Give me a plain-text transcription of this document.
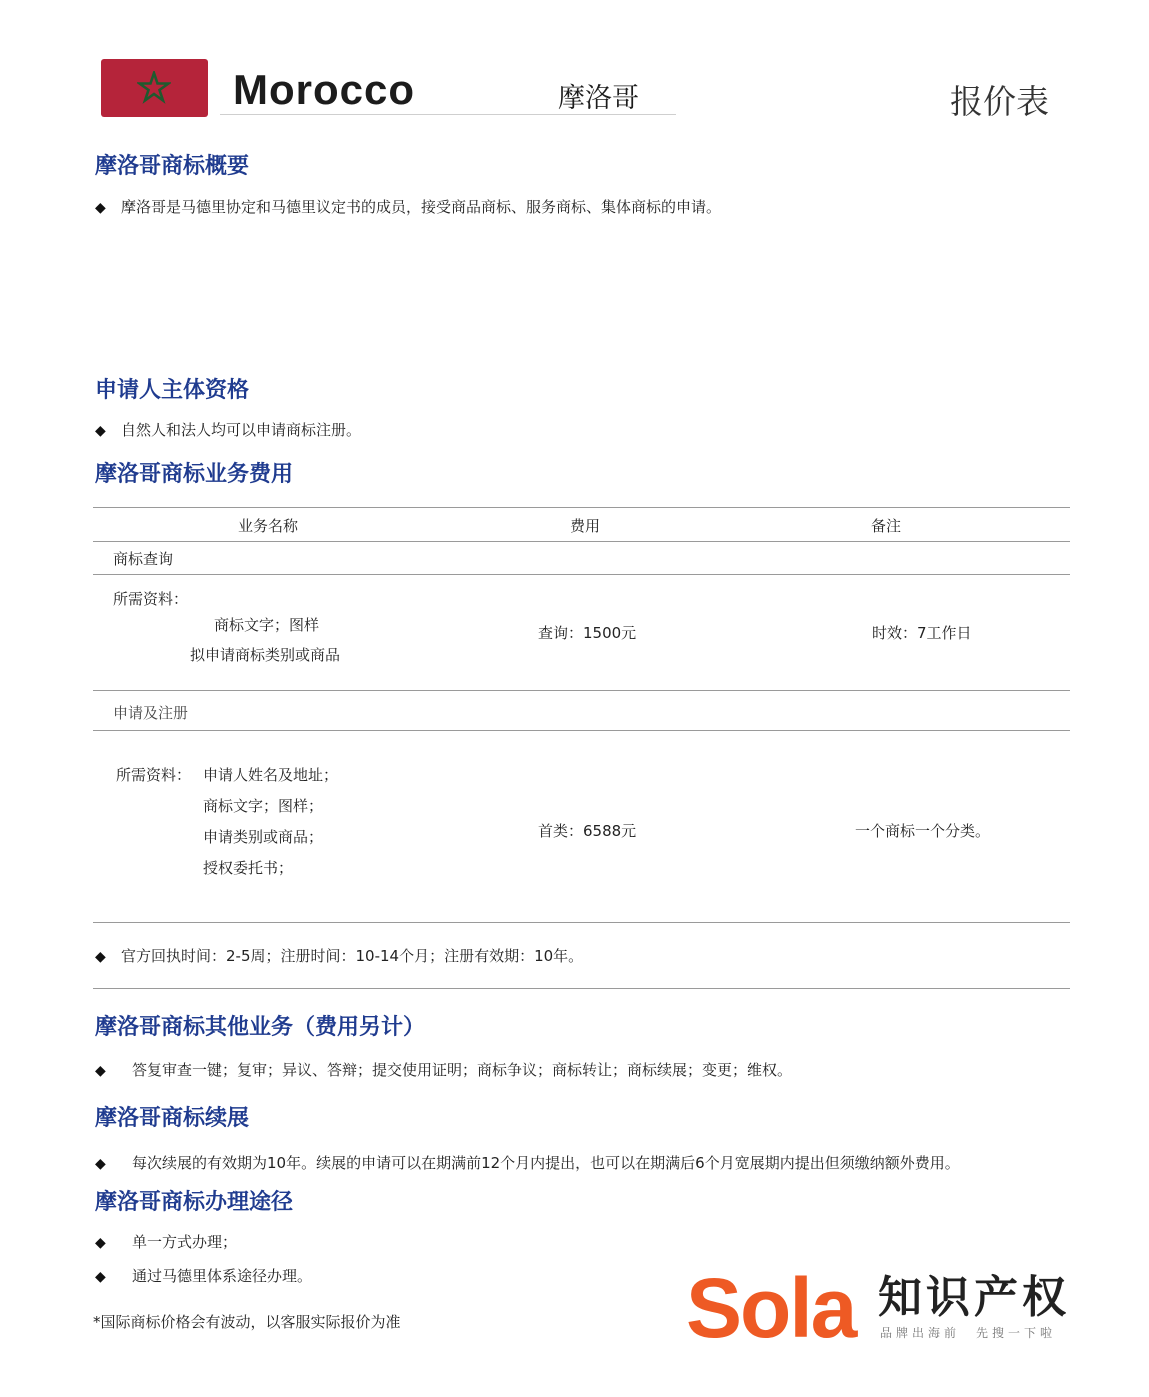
Morocco	摩洛哥	报价表
摩洛哥商标概要
◆ 摩洛哥是马德里协定和马德里议定书的成员，接受商品商标、服务商标、集体商标的申请。
申请人主体资格
◆ 自然人和法人均可以申请商标注册。
摩洛哥商标业务费用
业务名称	费用	备注
商标查询
所需资料：
商标文字；图样
拟申请商标类别或商品
查询：1500元	时效：7工作日
申请及注册
所需资料： 申请人姓名及地址；
商标文字；图样；
申请类别或商品；
授权委托书；
首类：6588元	一个商标一个分类。
◆ 官方回执时间：2-5周；注册时间：10-14个月；注册有效期：10年。
摩洛哥商标其他业务（费用另计）
◆ 答复审查一键；复审；异议、答辩；提交使用证明；商标争议；商标转让；商标续展；变更；维权。
摩洛哥商标续展
◆ 每次续展的有效期为10年。续展的申请可以在期满前12个月内提出，也可以在期满后6个月宽展期内提出但须缴纳额外费用。
摩洛哥商标办理途径
◆ 单一方式办理；
◆ 通过马德里体系途径办理。
*国际商标价格会有波动，以客服实际报价为准	Sola 知识产权
品牌出海前　先搜一下啦
